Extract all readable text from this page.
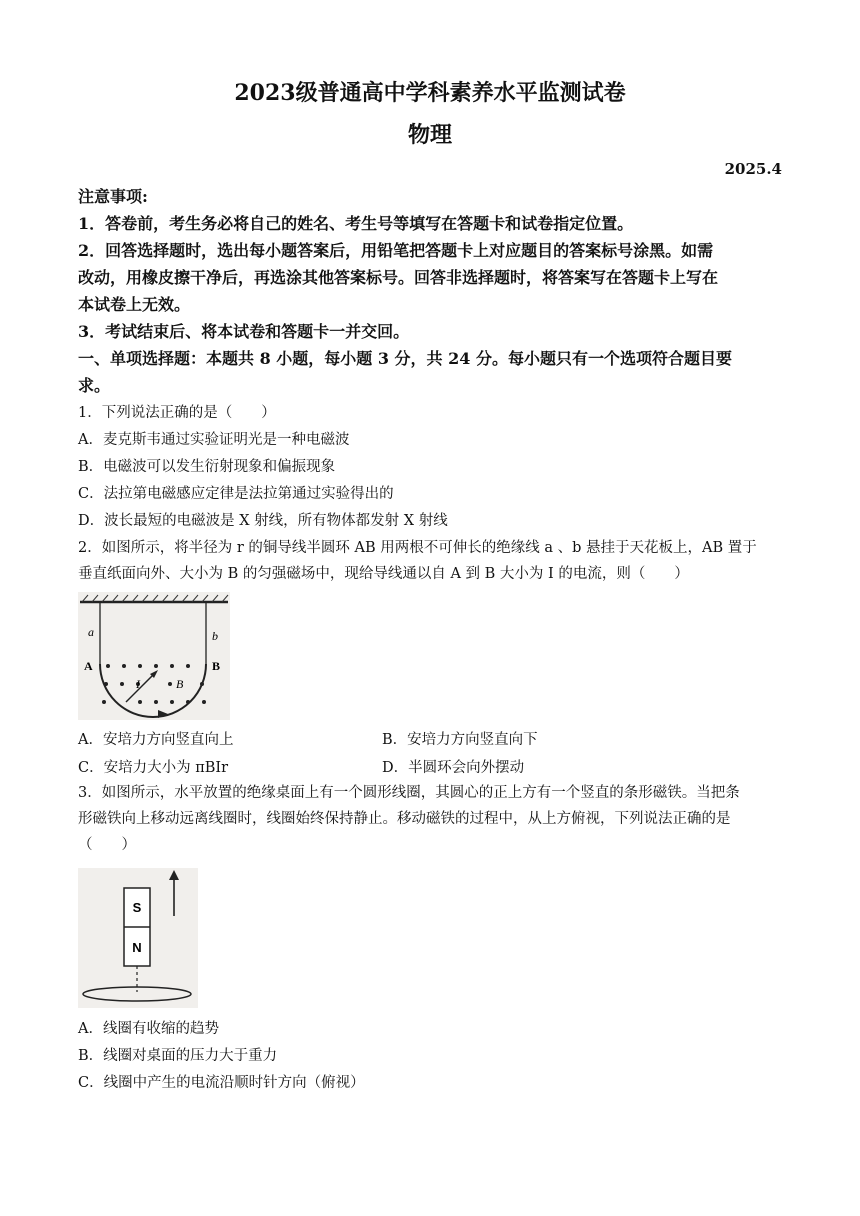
2023级普通高中学科素养水平监测试卷
物理
2025.4
注意事项:
1．答卷前，考生务必将自己的姓名、考生号等填写在答题卡和试卷指定位置。
2．回答选择题时，选出每小题答案后，用铅笔把答题卡上对应题目的答案标号涂黑。如需
改动，用橡皮擦干净后，再选涂其他答案标号。回答非选择题时，将答案写在答题卡上写在
本试卷上无效。
3．考试结束后、将本试卷和答题卡一并交回。
一、单项选择题：本题共 8 小题，每小题 3 分，共 24 分。每小题只有一个选项符合题目要
求。
1．下列说法正确的是（　　）
A．麦克斯韦通过实验证明光是一种电磁波
B．电磁波可以发生衍射现象和偏振现象
C．法拉第电磁感应定律是法拉第通过实验得出的
D．波长最短的电磁波是 X 射线，所有物体都发射 X 射线
2．如图所示，将半径为 r 的铜导线半圆环 AB 用两根不可伸长的绝缘线 a 、b 悬挂于天花板上，AB 置于
垂直纸面向外、大小为 B 的匀强磁场中，现给导线通以自 A 到 B 大小为 I 的电流，则（　　）
a	b
A	B
I	B
A．安培力方向竖直向上	B．安培力方向竖直向下
C．安培力大小为 πBIr	D．半圆环会向外摆动
3．如图所示，水平放置的绝缘桌面上有一个圆形线圈，其圆心的正上方有一个竖直的条形磁铁。当把条
形磁铁向上移动远离线圈时，线圈始终保持静止。移动磁铁的过程中，从上方俯视，下列说法正确的是
（　　）
S
N
A．线圈有收缩的趋势
B．线圈对桌面的压力大于重力
C．线圈中产生的电流沿顺时针方向（俯视）
